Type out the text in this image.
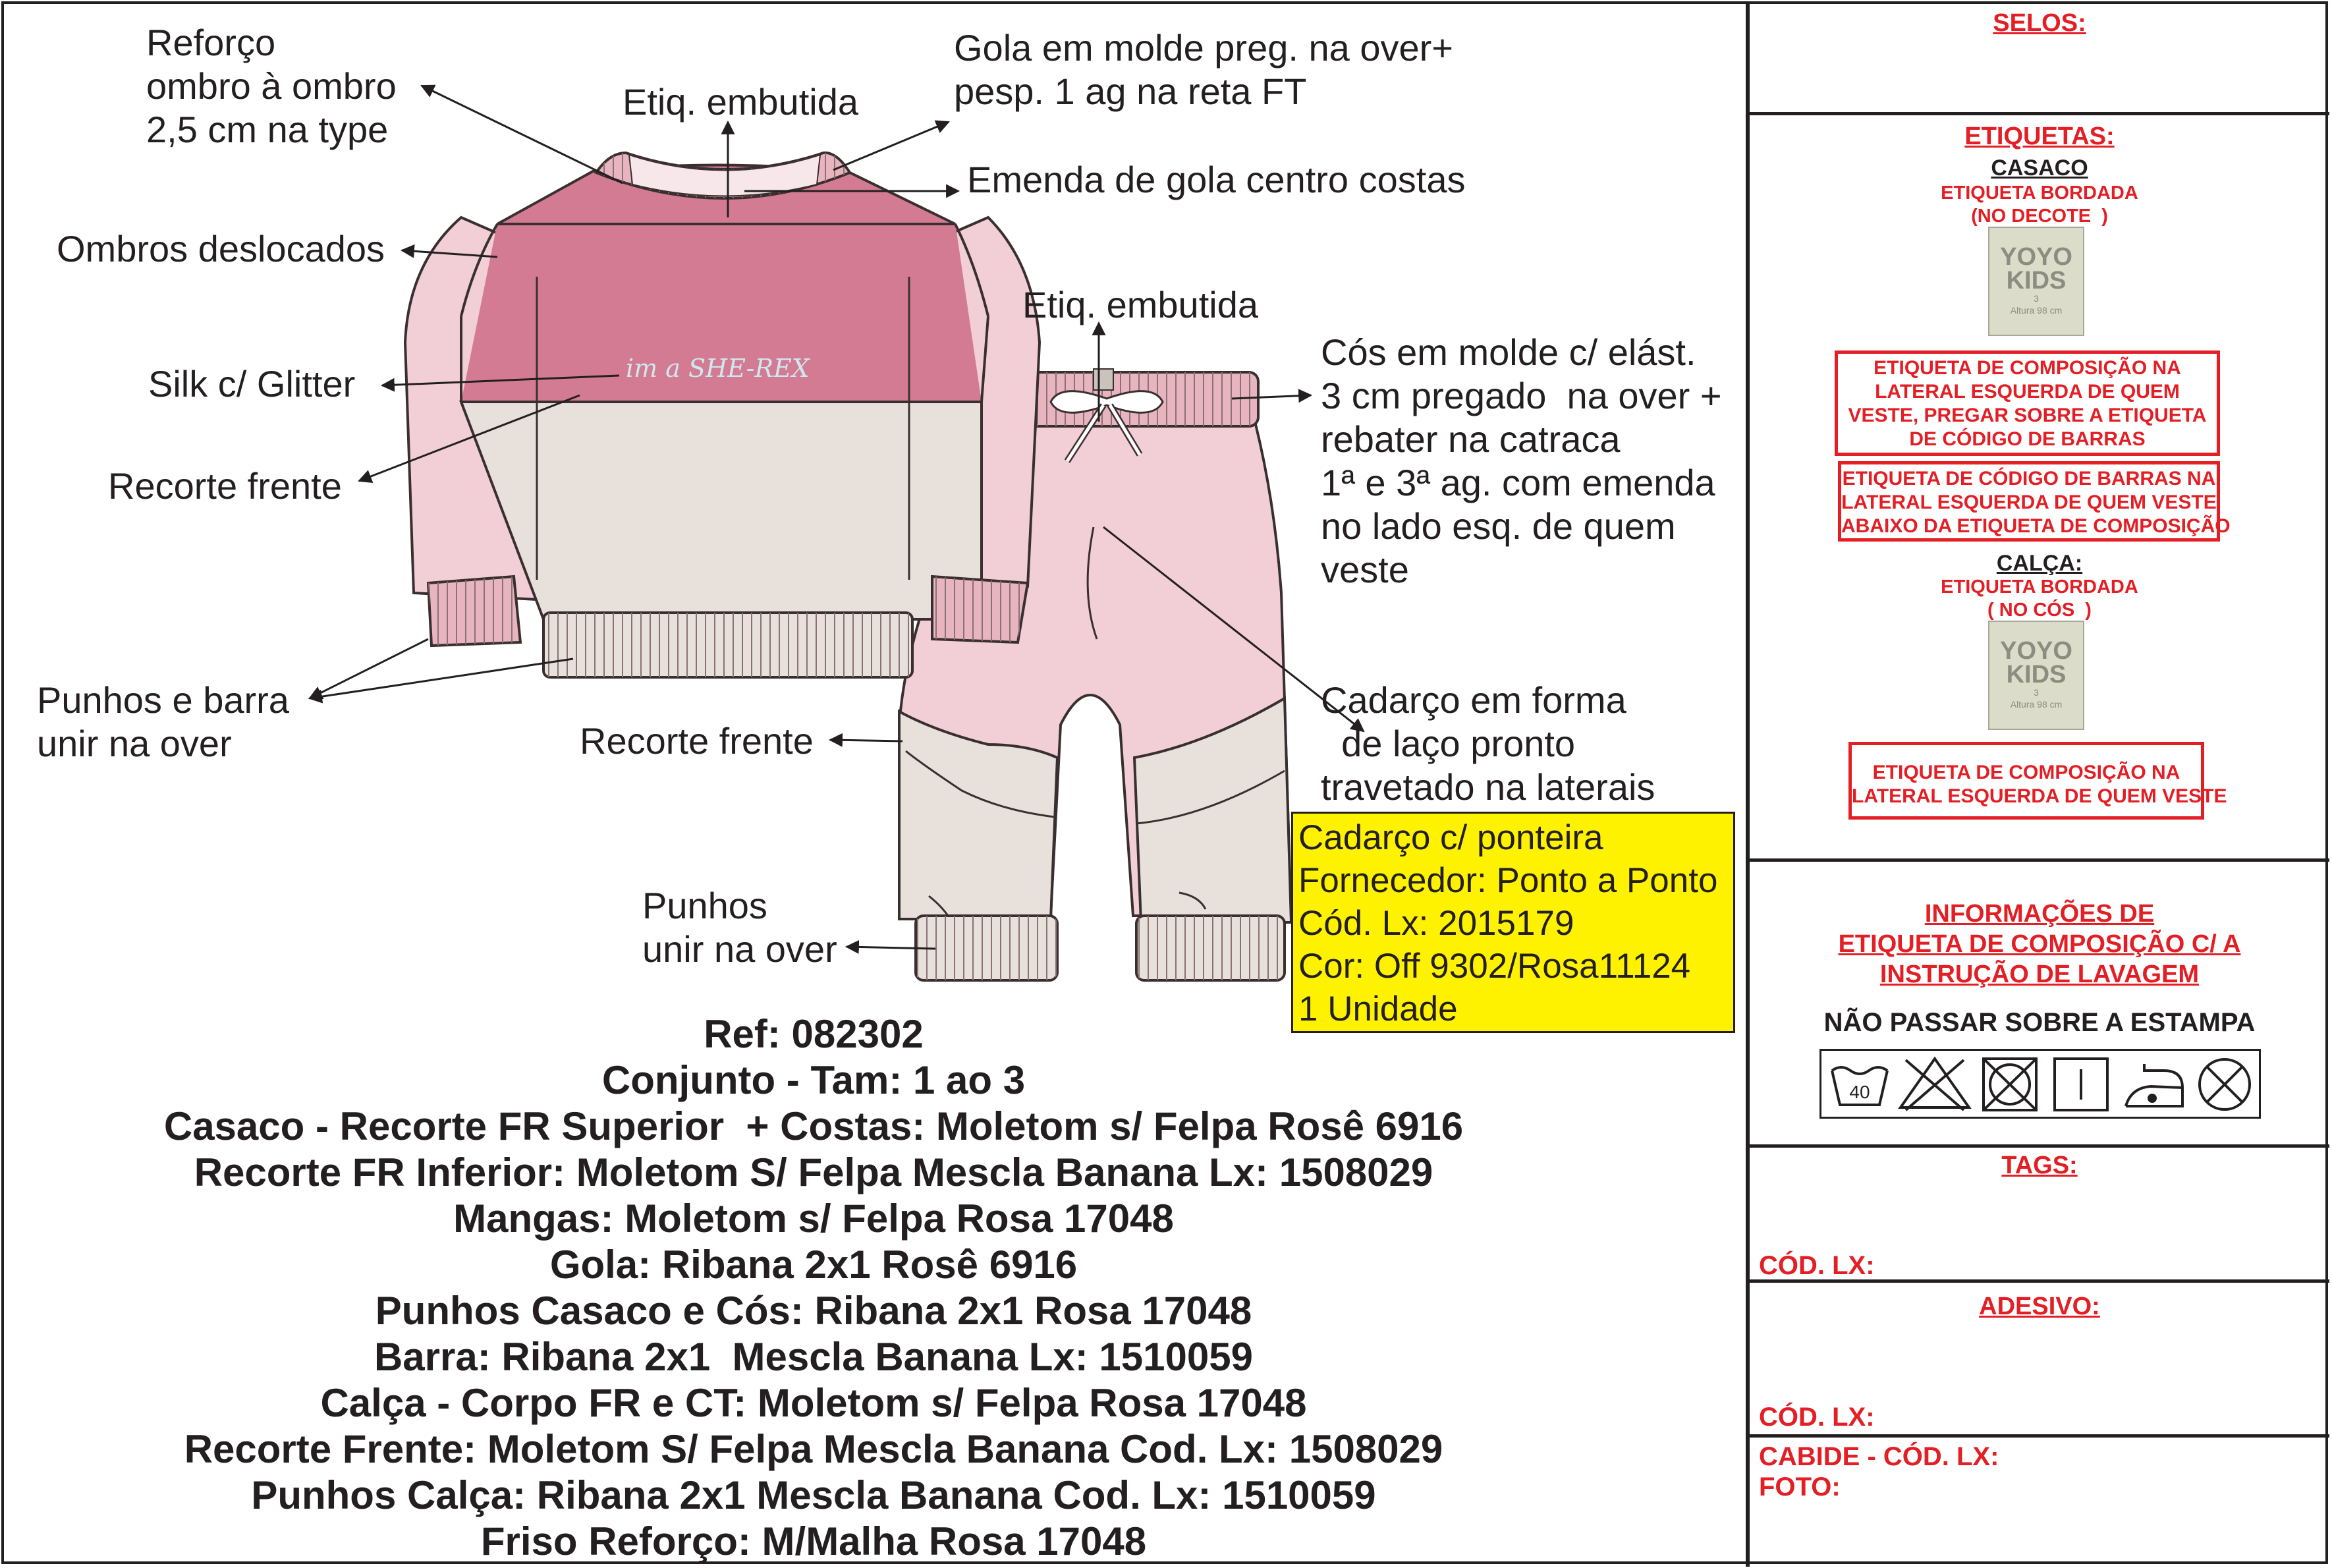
im a SHE-REX
Reforço
ombro à ombro
2,5 cm na type
Etiq. embutida
Gola em molde preg. na over+
pesp. 1 ag na reta FT
Emenda de gola centro costas
Ombros deslocados
Silk c/ Glitter
Recorte frente
Punhos e barra
unir na over
Etiq. embutida
Cós em molde c/ elást.
3 cm pregado  na over +
rebater na catraca
1ª e 3ª ag. com emenda
no lado esq. de quem
veste
Recorte frente
Cadarço em forma
de laço pronto
travetado na laterais
Punhos
unir na over
Cadarço c/ ponteira
Fornecedor: Ponto a Ponto
Cód. Lx: 2015179
Cor: Off 9302/Rosa11124
1 Unidade
Ref: 082302
Conjunto - Tam: 1 ao 3
Casaco - Recorte FR Superior  + Costas: Moletom s/ Felpa Rosê 6916
Recorte FR Inferior: Moletom S/ Felpa Mescla Banana Lx: 1508029
Mangas: Moletom s/ Felpa Rosa 17048
Gola: Ribana 2x1 Rosê 6916
Punhos Casaco e Cós: Ribana 2x1 Rosa 17048
Barra: Ribana 2x1  Mescla Banana Lx: 1510059
Calça - Corpo FR e CT: Moletom s/ Felpa Rosa 17048
Recorte Frente: Moletom S/ Felpa Mescla Banana Cod. Lx: 1508029
Punhos Calça: Ribana 2x1 Mescla Banana Cod. Lx: 1510059
Friso Reforço: M/Malha Rosa 17048
SELOS:
ETIQUETAS:
CASACO
ETIQUETA BORDADA
(NO DECOTE  )
YOYO
KIDS
3
Altura 98 cm
ETIQUETA DE COMPOSIÇÃO NA
LATERAL ESQUERDA DE QUEM
VESTE, PREGAR SOBRE A ETIQUETA
DE CÓDIGO DE BARRAS
ETIQUETA DE CÓDIGO DE BARRAS NA
LATERAL ESQUERDA DE QUEM VESTE
ABAIXO DA ETIQUETA DE COMPOSIÇÃO
CALÇA:
ETIQUETA BORDADA
( NO CÓS  )
YOYO
KIDS
3
Altura 98 cm
ETIQUETA DE COMPOSIÇÃO NA
LATERAL ESQUERDA DE QUEM VESTE
INFORMAÇÕES DE
ETIQUETA DE COMPOSIÇÃO C/ A
INSTRUÇÃO DE LAVAGEM
NÃO PASSAR SOBRE A ESTAMPA
40
TAGS:
CÓD. LX:
ADESIVO:
CÓD. LX:
CABIDE - CÓD. LX:
FOTO:
